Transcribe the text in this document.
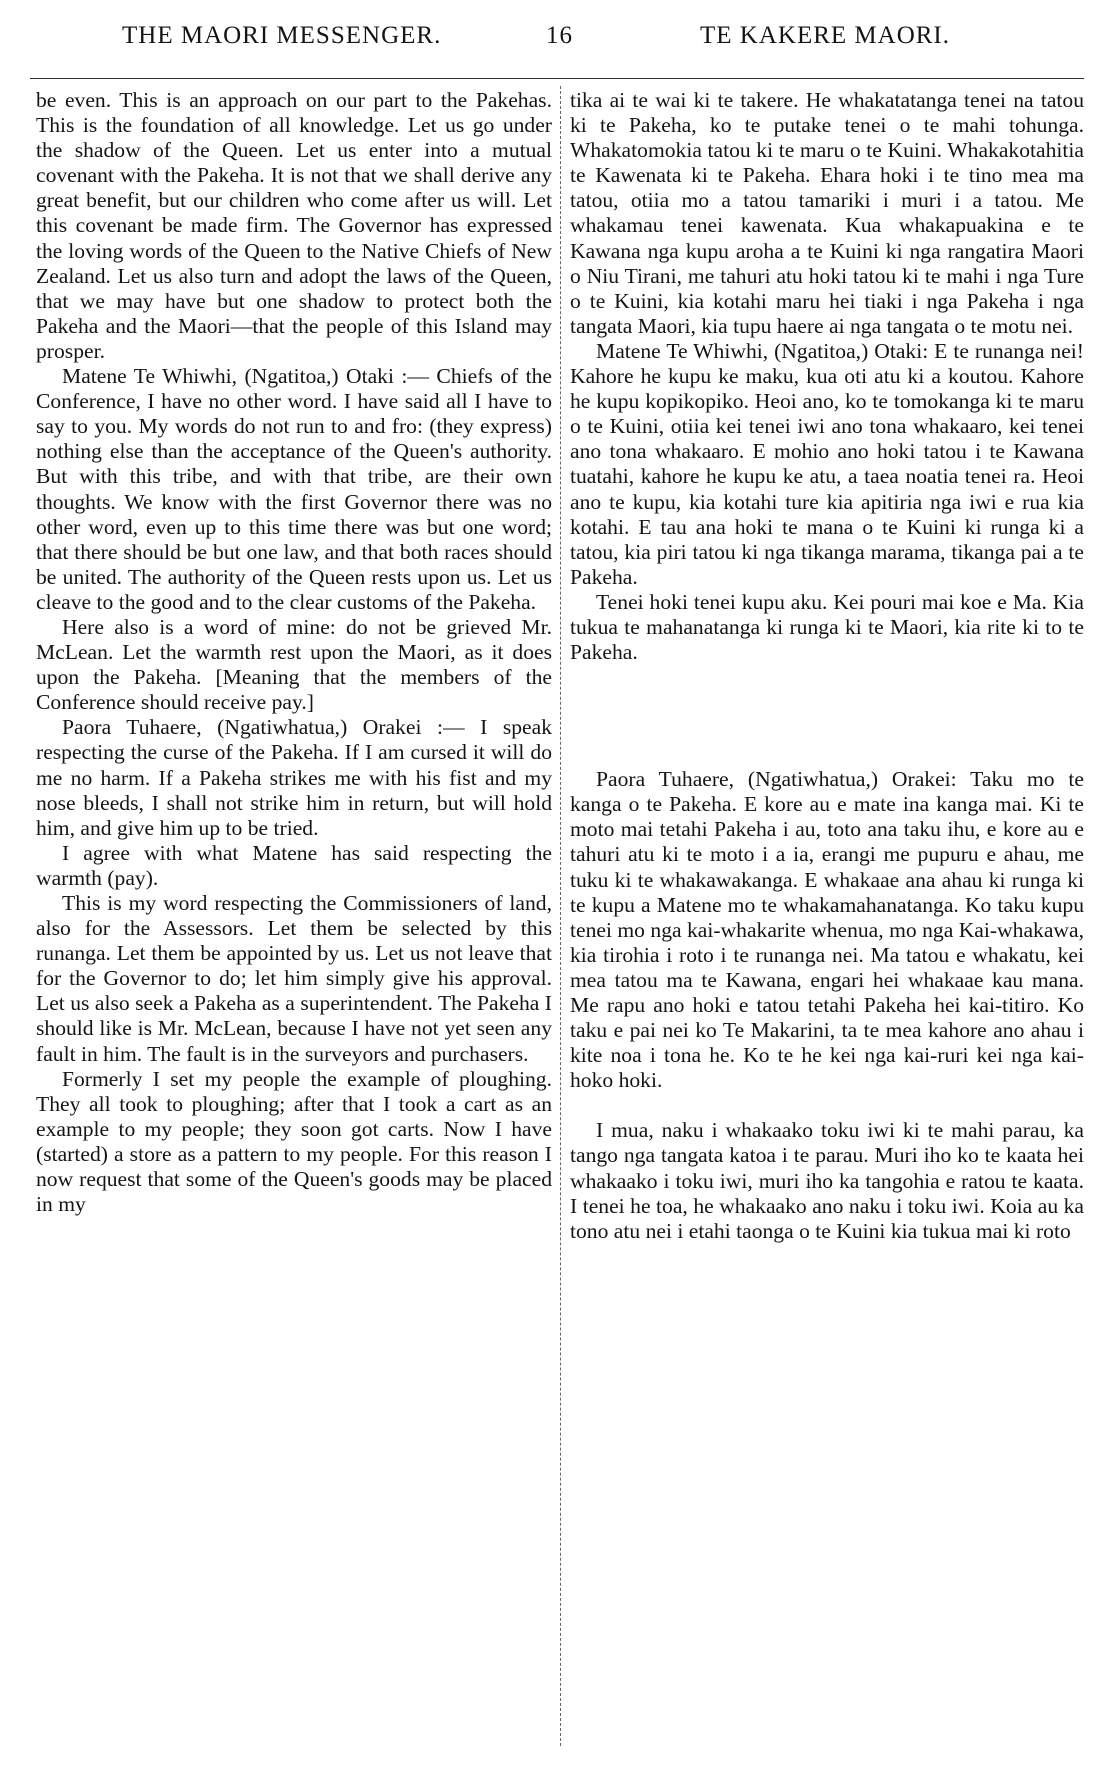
THE MAORI MESSENGER.	16	TE KAKERE MAORI.

be even. This is an approach on our part to the Pakehas. This is the foundation of all knowledge. Let us go under the shadow of the Queen. Let us enter into a mutual covenant with the Pakeha. It is not that we shall derive any great benefit, but our children who come after us will. Let this covenant be made firm. The Governor has expressed the loving words of the Queen to the Native Chiefs of New Zealand. Let us also turn and adopt the laws of the Queen, that we may have but one shadow to protect both the Pakeha and the Maori—that the people of this Island may prosper.

Matene Te Whiwhi, (Ngatitoa,) Otaki :— Chiefs of the Conference, I have no other word. I have said all I have to say to you. My words do not run to and fro: (they express) nothing else than the acceptance of the Queen's authority. But with this tribe, and with that tribe, are their own thoughts. We know with the first Governor there was no other word, even up to this time there was but one word; that there should be but one law, and that both races should be united. The authority of the Queen rests upon us. Let us cleave to the good and to the clear customs of the Pakeha.

Here also is a word of mine: do not be grieved Mr. McLean. Let the warmth rest upon the Maori, as it does upon the Pakeha. [Meaning that the members of the Conference should receive pay.]

Paora Tuhaere, (Ngatiwhatua,) Orakei :— I speak respecting the curse of the Pakeha. If I am cursed it will do me no harm. If a Pakeha strikes me with his fist and my nose bleeds, I shall not strike him in return, but will hold him, and give him up to be tried.

I agree with what Matene has said respecting the warmth (pay).

This is my word respecting the Commissioners of land, also for the Assessors. Let them be selected by this runanga. Let them be appointed by us. Let us not leave that for the Governor to do; let him simply give his approval. Let us also seek a Pakeha as a superintendent. The Pakeha I should like is Mr. McLean, because I have not yet seen any fault in him. The fault is in the surveyors and purchasers.

Formerly I set my people the example of ploughing. They all took to ploughing; after that I took a cart as an example to my people; they soon got carts. Now I have (started) a store as a pattern to my people. For this reason I now request that some of the Queen's goods may be placed in my

tika ai te wai ki te takere. He whakatatanga tenei na tatou ki te Pakeha, ko te putake tenei o te mahi tohunga. Whakatomokia tatou ki te maru o te Kuini. Whakakotahitia te Kawenata ki te Pakeha. Ehara hoki i te tino mea ma tatou, otiia mo a tatou tamariki i muri i a tatou. Me whakamau tenei kawenata. Kua whakapuakina e te Kawana nga kupu aroha a te Kuini ki nga rangatira Maori o Niu Tirani, me tahuri atu hoki tatou ki te mahi i nga Ture o te Kuini, kia kotahi maru hei tiaki i nga Pakeha i nga tangata Maori, kia tupu haere ai nga tangata o te motu nei.

Matene Te Whiwhi, (Ngatitoa,) Otaki: E te runanga nei! Kahore he kupu ke maku, kua oti atu ki a koutou. Kahore he kupu kopikopiko. Heoi ano, ko te tomokanga ki te maru o te Kuini, otiia kei tenei iwi ano tona whakaaro, kei tenei ano tona whakaaro. E mohio ano hoki tatou i te Kawana tuatahi, kahore he kupu ke atu, a taea noatia tenei ra. Heoi ano te kupu, kia kotahi ture kia apitiria nga iwi e rua kia kotahi. E tau ana hoki te mana o te Kuini ki runga ki a tatou, kia piri tatou ki nga tikanga marama, tikanga pai a te Pakeha.

Tenei hoki tenei kupu aku. Kei pouri mai koe e Ma. Kia tukua te mahanatanga ki runga ki te Maori, kia rite ki to te Pakeha.

Paora Tuhaere, (Ngatiwhatua,) Orakei: Taku mo te kanga o te Pakeha. E kore au e mate ina kanga mai. Ki te moto mai tetahi Pakeha i au, toto ana taku ihu, e kore au e tahuri atu ki te moto i a ia, erangi me pupuru e ahau, me tuku ki te whakawakanga. E whakaae ana ahau ki runga ki te kupu a Matene mo te whakamahanatanga. Ko taku kupu tenei mo nga kai-whakarite whenua, mo nga Kai-whakawa, kia tirohia i roto i te runanga nei. Ma tatou e whakatu, kei mea tatou ma te Kawana, engari hei whakaae kau mana. Me rapu ano hoki e tatou tetahi Pakeha hei kai-titiro. Ko taku e pai nei ko Te Makarini, ta te mea kahore ano ahau i kite noa i tona he. Ko te he kei nga kai-ruri kei nga kai-hoko hoki.

I mua, naku i whakaako toku iwi ki te mahi parau, ka tango nga tangata katoa i te parau. Muri iho ko te kaata hei whakaako i toku iwi, muri iho ka tangohia e ratou te kaata. I tenei he toa, he whakaako ano naku i toku iwi. Koia au ka tono atu nei i etahi taonga o te Kuini kia tukua mai ki roto
